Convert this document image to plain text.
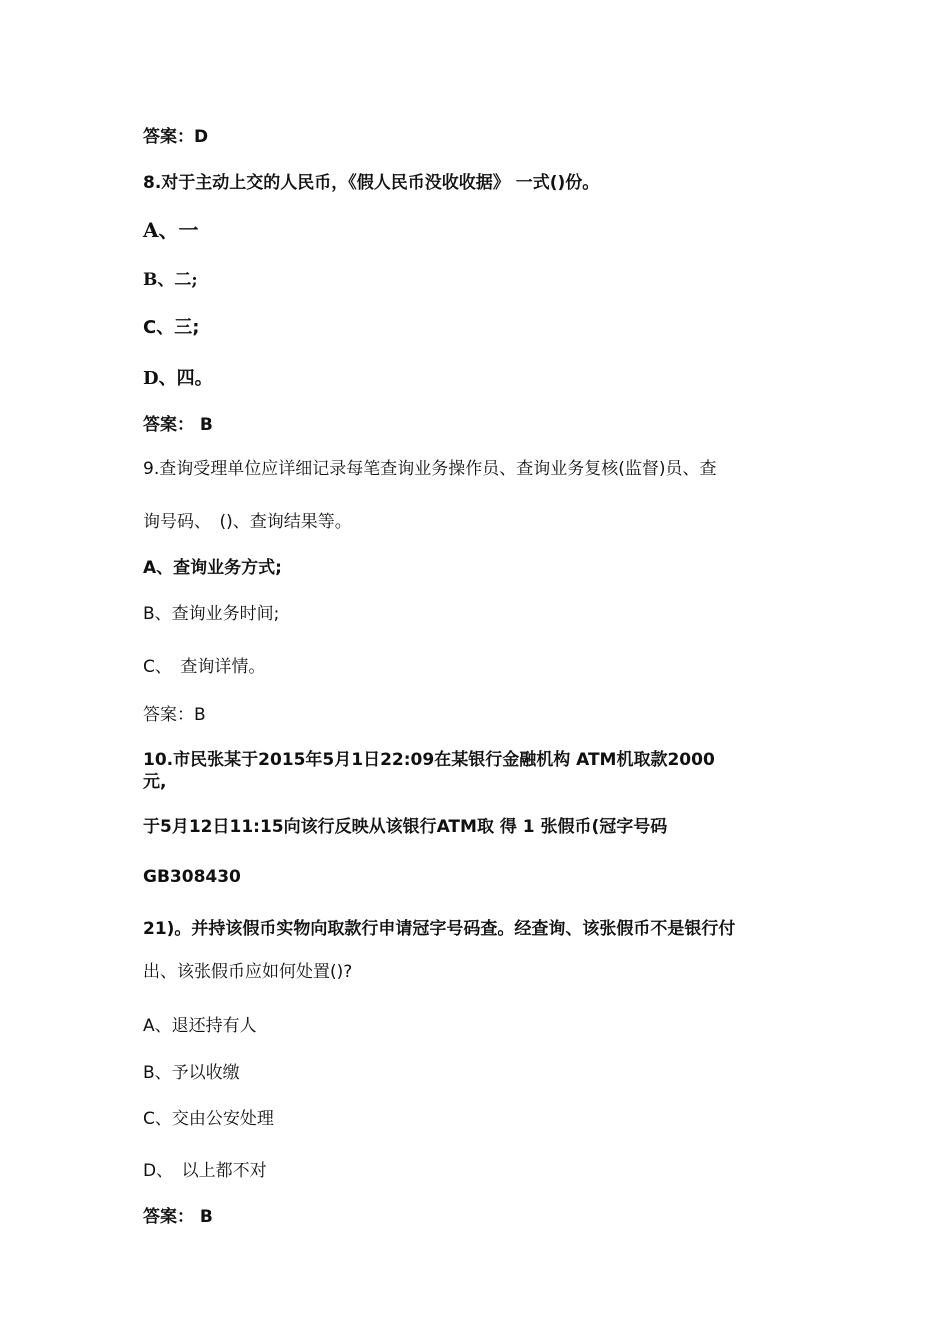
答案：D
8.对于主动上交的人民币，《假人民币没收收据》 一式()份。
A、一
B、二;
C、三;
D、四。
答案： B
9.查询受理单位应详细记录每笔查询业务操作员、查询业务复核(监督)员、查
询号码、　()、查询结果等。
A、查询业务方式;
B、查询业务时间;
C、　查询详情。
答案：B
10.市民张某于2015年5月1日22:09在某银行金融机构 ATM机取款2000
元,
于5月12日11:15向该行反映从该银行ATM取 得 1 张假币(冠字号码
GB308430
21)。并持该假币实物向取款行申请冠字号码查。经查询、该张假币不是银行付
出、该张假币应如何处置()?
A、退还持有人
B、予以收缴
C、交由公安处理
D、　以上都不对
答案： B
